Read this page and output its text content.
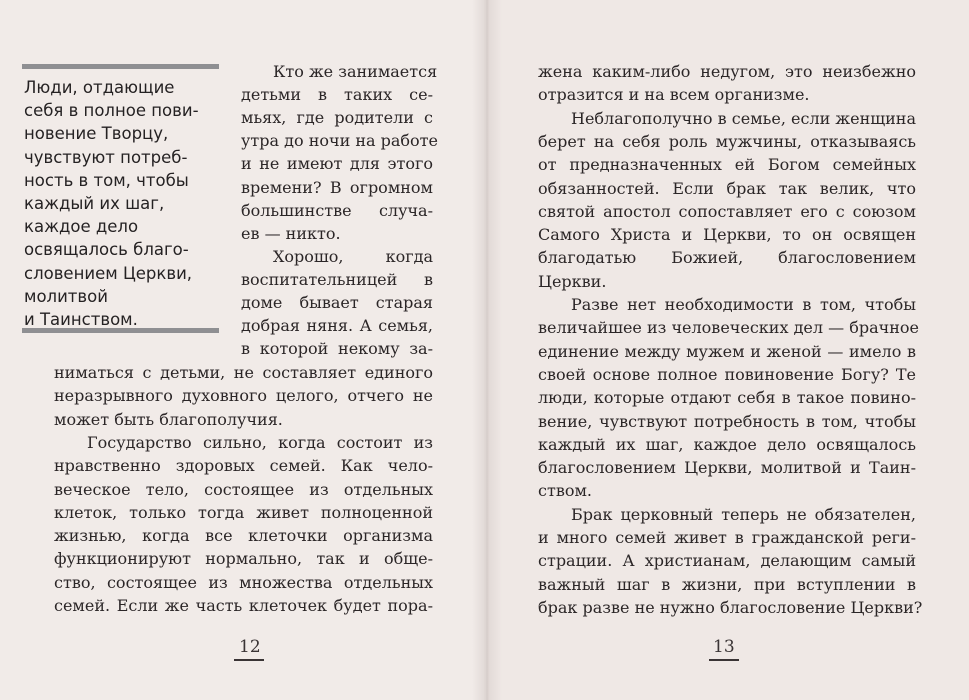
Люди, отдающие
себя в полное пови-
новение Творцу,
чувствуют потреб-
ность в том, чтобы
каждый их шаг,
каждое дело
освящалось благо-
словением Церкви,
молитвой
и Таинством.
Кто же занимается
детьми в таких се-
мьях, где родители с
утра до ночи на работе
и не имеют для этого
времени? В огромном
большинстве случа-
ев — никто.
Хорошо, когда
воспитательницей в
доме бывает старая
добрая няня. А семья,
в которой некому за-
ниматься с детьми, не составляет единого
неразрывного духовного целого, отчего не
может быть благополучия.
Государство сильно, когда состоит из
нравственно здоровых семей. Как чело-
веческое тело, состоящее из отдельных
клеток, только тогда живет полноценной
жизнью, когда все клеточки организма
функционируют нормально, так и обще-
ство, состоящее из множества отдельных
семей. Если же часть клеточек будет пора-
12
жена каким-либо недугом, это неизбежно
отразится и на всем организме.
Неблагополучно в семье, если женщина
берет на себя роль мужчины, отказываясь
от предназначенных ей Богом семейных
обязанностей. Если брак так велик, что
святой апостол сопоставляет его с союзом
Самого Христа и Церкви, то он освящен
благодатью Божией, благословением
Церкви.
Разве нет необходимости в том, чтобы
величайшее из человеческих дел — брачное
единение между мужем и женой — имело в
своей основе полное повиновение Богу? Те
люди, которые отдают себя в такое повино-
вение, чувствуют потребность в том, чтобы
каждый их шаг, каждое дело освящалось
благословением Церкви, молитвой и Таин-
ством.
Брак церковный теперь не обязателен,
и много семей живет в гражданской реги-
страции. А христианам, делающим самый
важный шаг в жизни, при вступлении в
брак разве не нужно благословение Церкви?
13
